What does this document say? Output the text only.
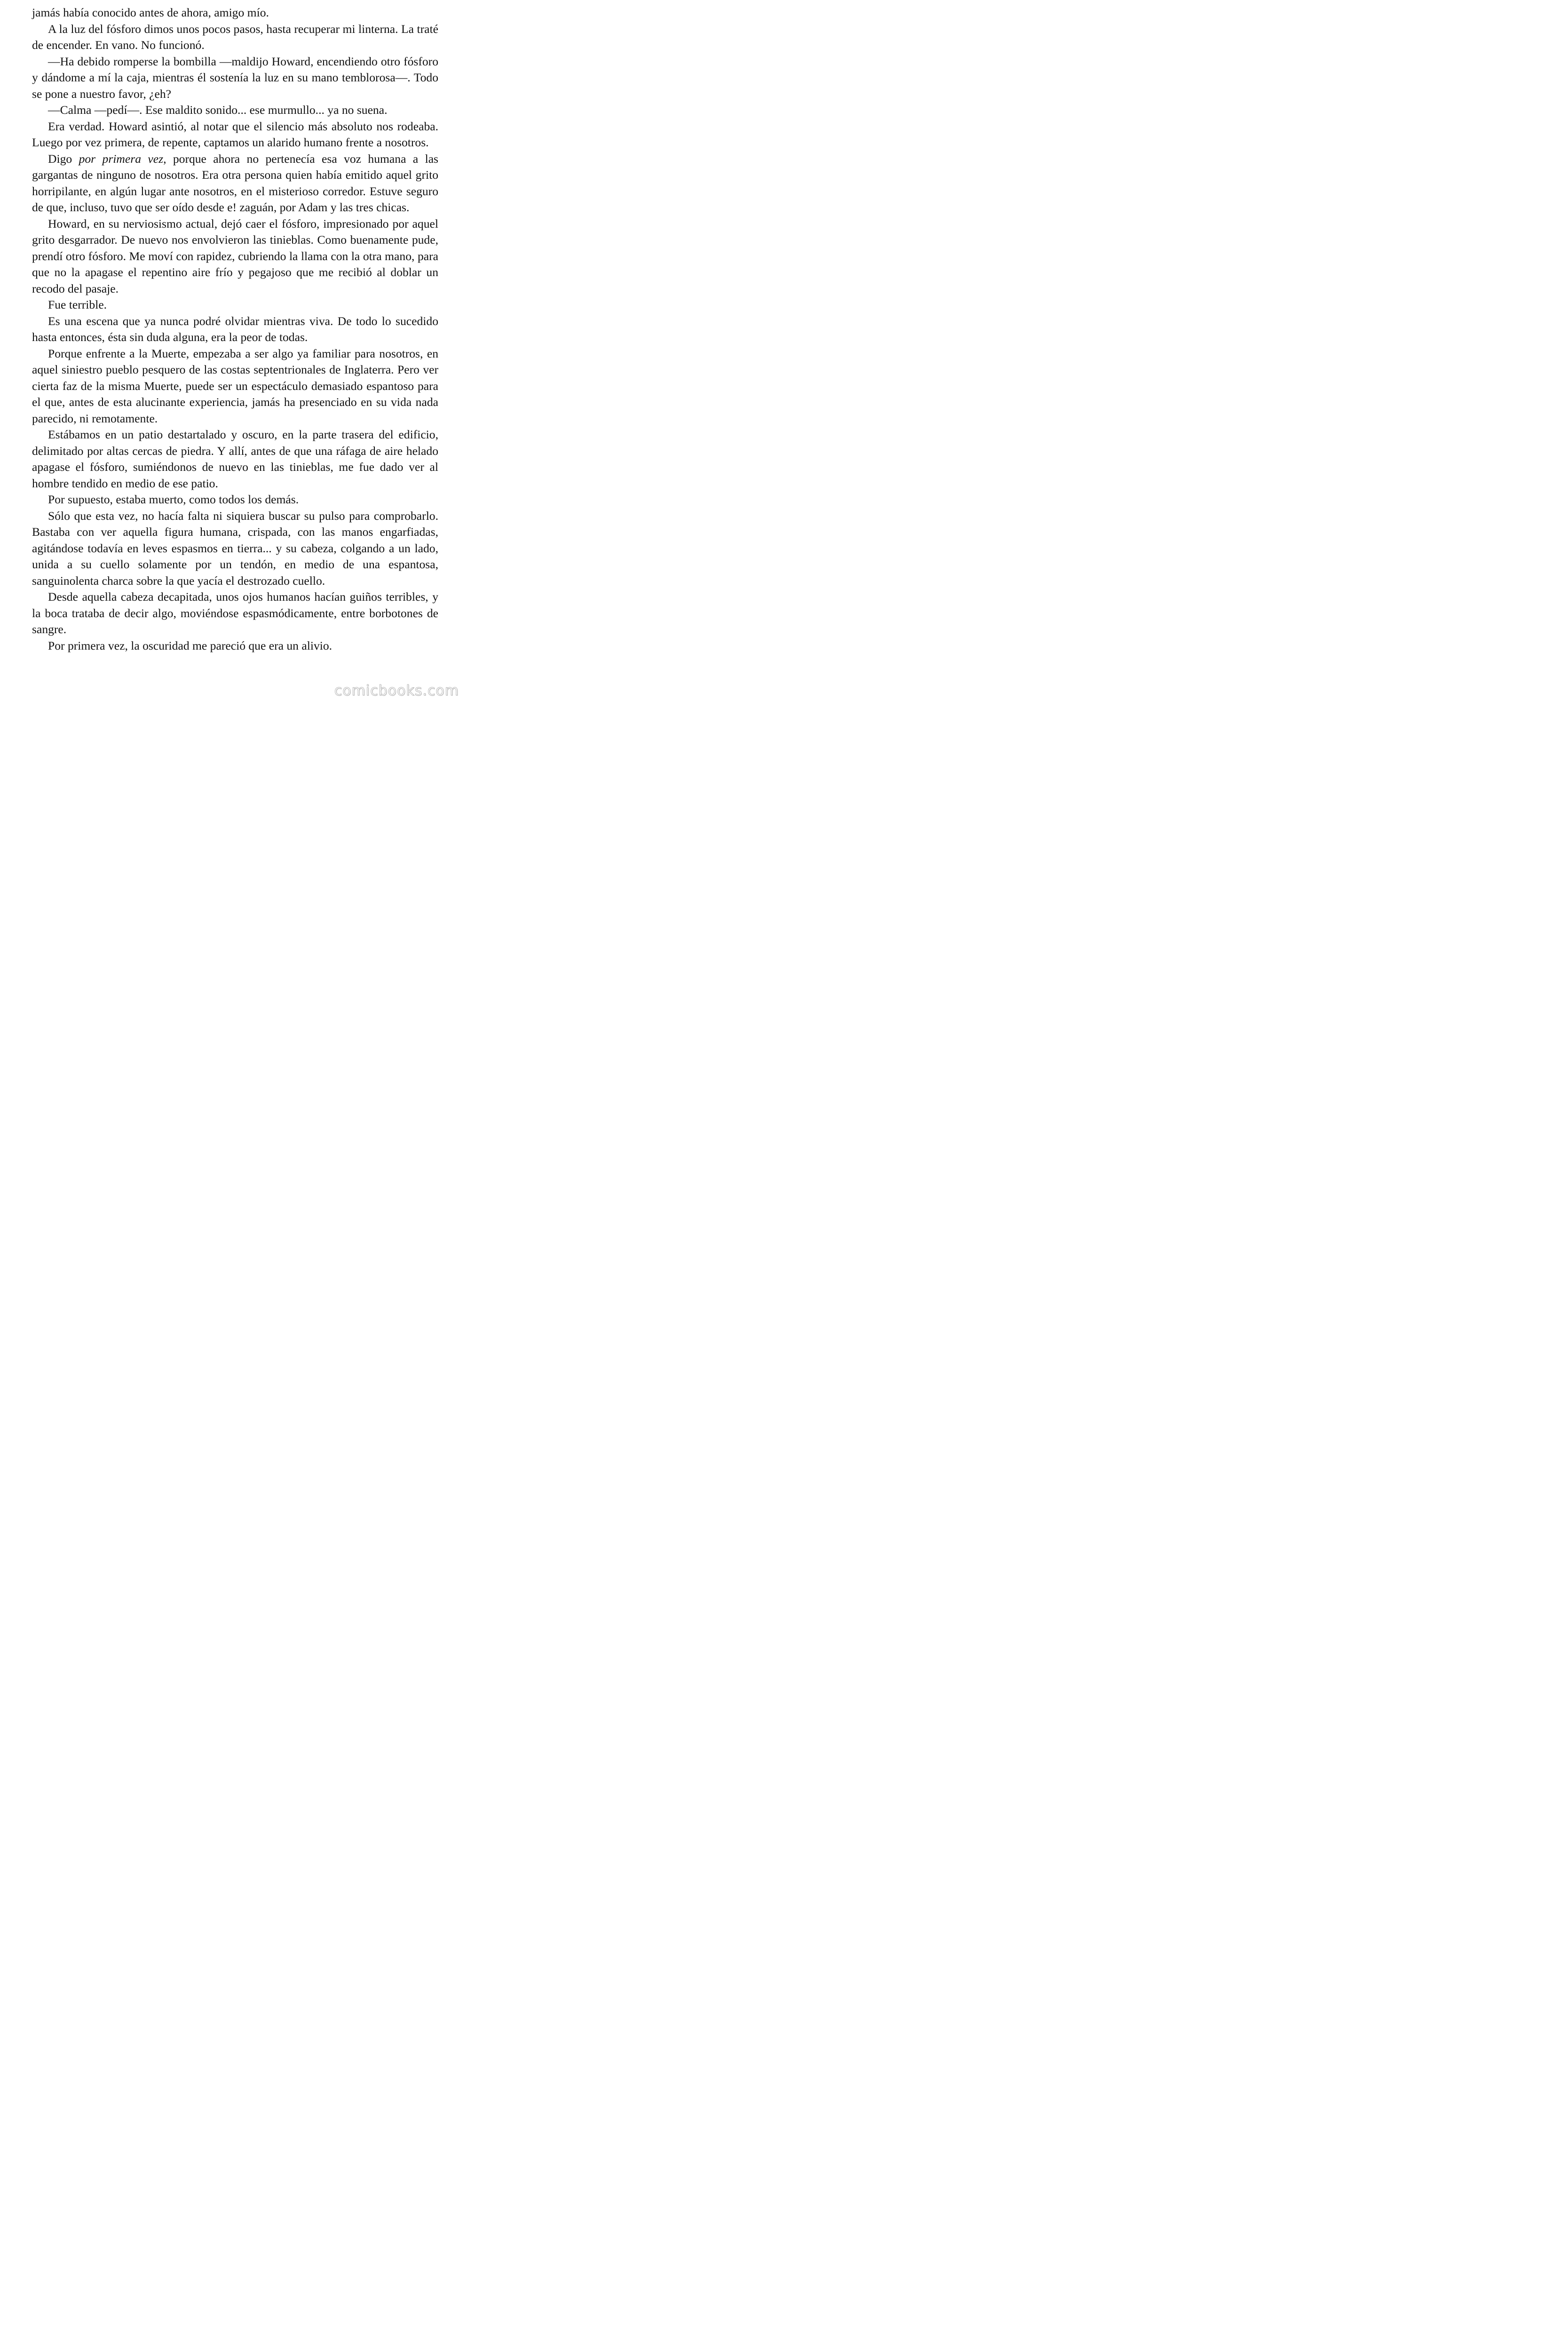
jamás había conocido antes de ahora, amigo mío.

A la luz del fósforo dimos unos pocos pasos, hasta recuperar mi linterna. La traté de encender. En vano. No funcionó.

—Ha debido romperse la bombilla —maldijo Howard, encendiendo otro fósforo y dándome a mí la caja, mientras él sostenía la luz en su mano temblorosa—. Todo se pone a nuestro favor, ¿eh?

—Calma —pedí—. Ese maldito sonido... ese murmullo... ya no suena.

Era verdad. Howard asintió, al notar que el silencio más absoluto nos rodeaba. Luego por vez primera, de repente, captamos un alarido humano frente a nosotros.

Digo por primera vez, porque ahora no pertenecía esa voz humana a las gargantas de ninguno de nosotros. Era otra persona quien había emitido aquel grito horripilante, en algún lugar ante nosotros, en el misterioso corredor. Estuve seguro de que, incluso, tuvo que ser oído desde e! zaguán, por Adam y las tres chicas.

Howard, en su nerviosismo actual, dejó caer el fósforo, impresionado por aquel grito desgarrador. De nuevo nos envolvieron las tinieblas. Como buenamente pude, prendí otro fósforo. Me moví con rapidez, cubriendo la llama con la otra mano, para que no la apagase el repentino aire frío y pegajoso que me recibió al doblar un recodo del pasaje.

Fue terrible.

Es una escena que ya nunca podré olvidar mientras viva. De todo lo sucedido hasta entonces, ésta sin duda alguna, era la peor de todas.

Porque enfrente a la Muerte, empezaba a ser algo ya familiar para nosotros, en aquel siniestro pueblo pesquero de las costas septentrionales de Inglaterra. Pero ver cierta faz de la misma Muerte, puede ser un espectáculo demasiado espantoso para el que, antes de esta alucinante experiencia, jamás ha presenciado en su vida nada parecido, ni remotamente.

Estábamos en un patio destartalado y oscuro, en la parte trasera del edificio, delimitado por altas cercas de piedra. Y allí, antes de que una ráfaga de aire helado apagase el fósforo, sumiéndonos de nuevo en las tinieblas, me fue dado ver al hombre tendido en medio de ese patio.

Por supuesto, estaba muerto, como todos los demás.

Sólo que esta vez, no hacía falta ni siquiera buscar su pulso para comprobarlo. Bastaba con ver aquella figura humana, crispada, con las manos engarfiadas, agitándose todavía en leves espasmos en tierra... y su cabeza, colgando a un lado, unida a su cuello solamente por un tendón, en medio de una espantosa, sanguinolenta charca sobre la que yacía el destrozado cuello.

Desde aquella cabeza decapitada, unos ojos humanos hacían guiños terribles, y la boca trataba de decir algo, moviéndose espasmódicamente, entre borbotones de sangre.

Por primera vez, la oscuridad me pareció que era un alivio.

comicbooks.com
